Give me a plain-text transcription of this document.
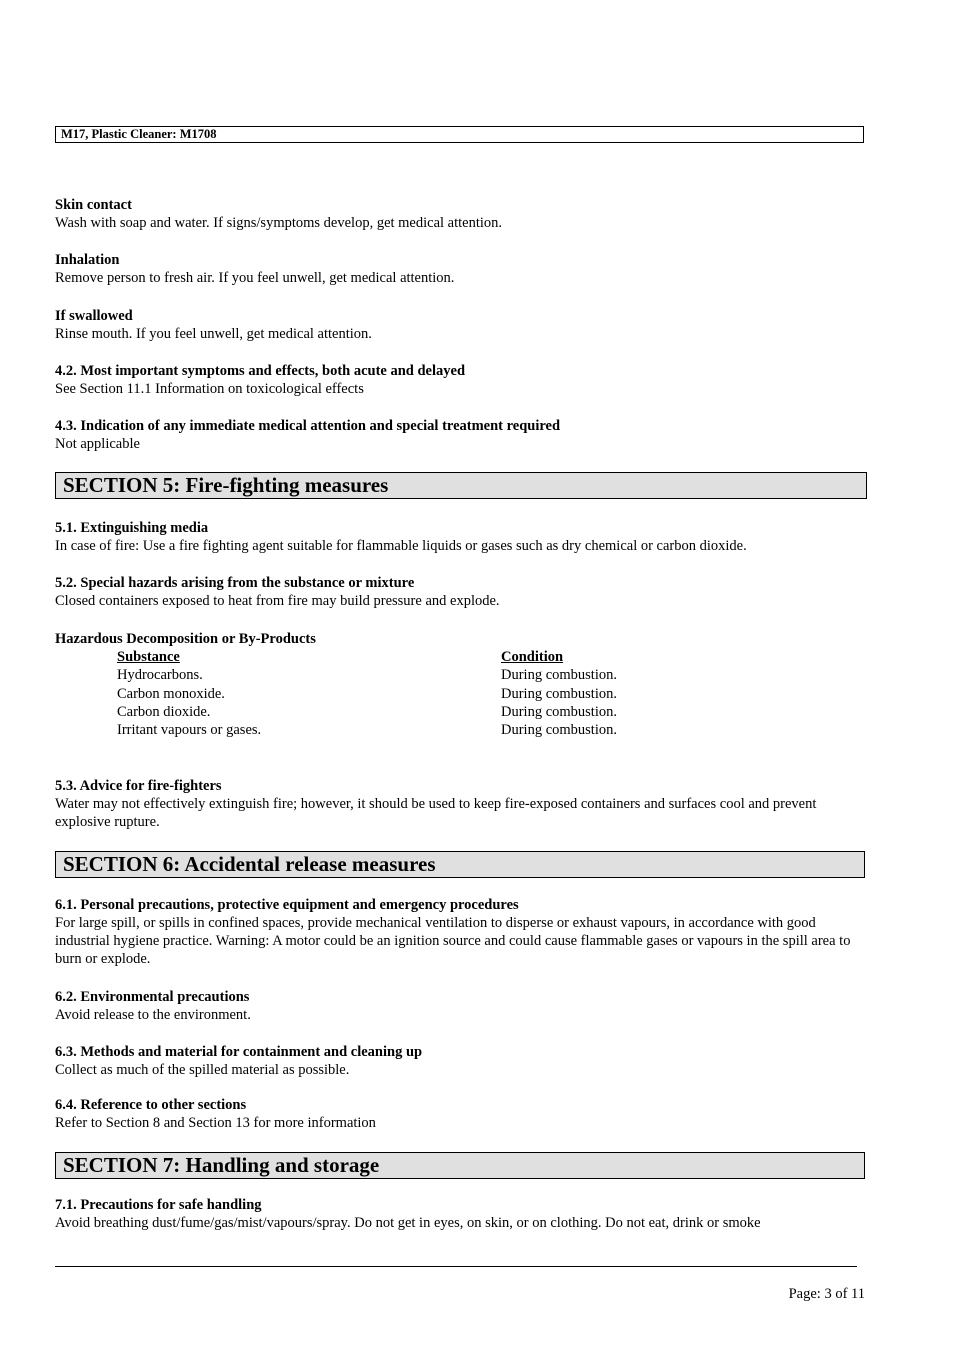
M17, Plastic Cleaner: M1708
Skin contact
Wash with soap and water. If signs/symptoms develop, get medical attention.
Inhalation
Remove person to fresh air. If you feel unwell, get medical attention.
If swallowed
Rinse mouth. If you feel unwell, get medical attention.
4.2. Most important symptoms and effects, both acute and delayed
See Section 11.1 Information on toxicological effects
4.3. Indication of any immediate medical attention and special treatment required
Not applicable
SECTION 5: Fire-fighting measures
5.1. Extinguishing media
In case of fire: Use a fire fighting agent suitable for flammable liquids or gases such as dry chemical or carbon dioxide.
5.2. Special hazards arising from the substance or mixture
Closed containers exposed to heat from fire may build pressure and explode.
Hazardous Decomposition or By-Products
Substance	Condition
Hydrocarbons.	During combustion.
Carbon monoxide.	During combustion.
Carbon dioxide.	During combustion.
Irritant vapours or gases.	During combustion.
5.3. Advice for fire-fighters
Water may not effectively extinguish fire; however, it should be used to keep fire-exposed containers and surfaces cool and prevent explosive rupture.
SECTION 6: Accidental release measures
6.1. Personal precautions, protective equipment and emergency procedures
For large spill, or spills in confined spaces, provide mechanical ventilation to disperse or exhaust vapours, in accordance with good industrial hygiene practice. Warning: A motor could be an ignition source and could cause flammable gases or vapours in the spill area to burn or explode.
6.2. Environmental precautions
Avoid release to the environment.
6.3. Methods and material for containment and cleaning up
Collect as much of the spilled material as possible.
6.4. Reference to other sections
Refer to Section 8 and Section 13 for more information
SECTION 7: Handling and storage
7.1. Precautions for safe handling
Avoid breathing dust/fume/gas/mist/vapours/spray. Do not get in eyes, on skin, or on clothing. Do not eat, drink or smoke
Page: 3 of 11
